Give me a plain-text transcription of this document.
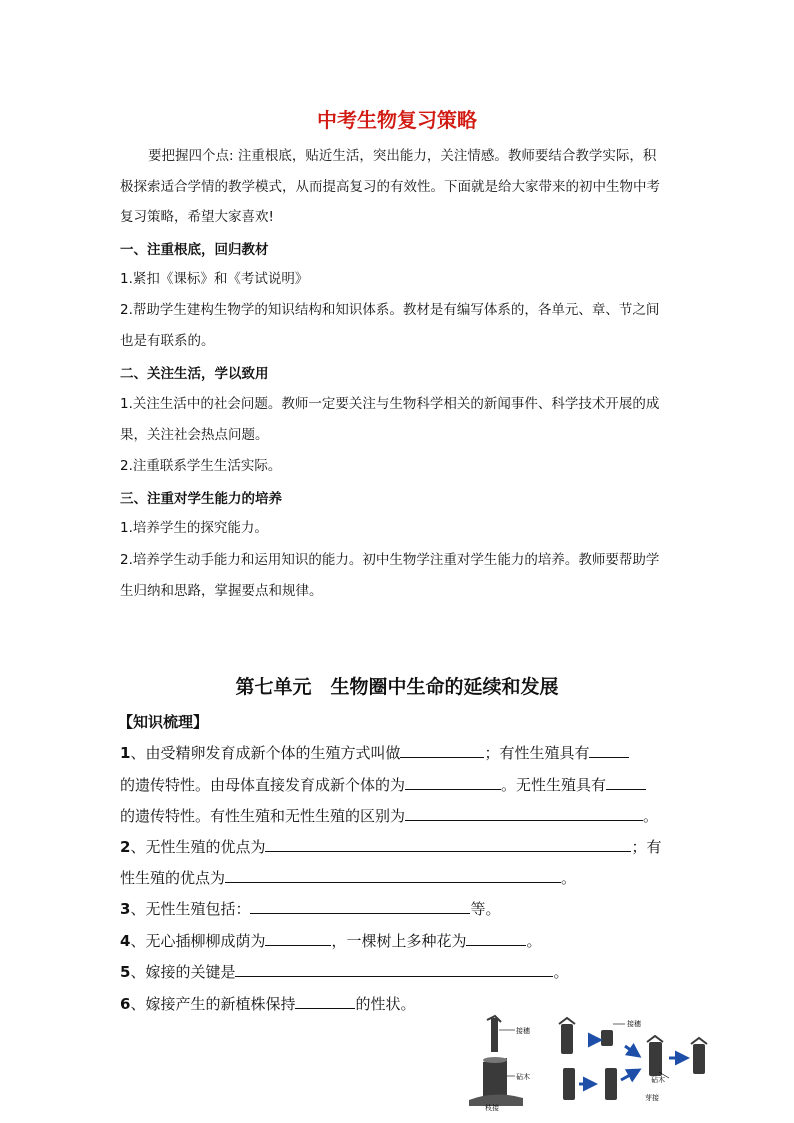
中考生物复习策略
要把握四个点: 注重根底，贴近生活，突出能力，关注情感。教师要结合教学实际，积
极探索适合学情的教学模式，从而提高复习的有效性。下面就是给大家带来的初中生物中考
复习策略，希望大家喜欢!
一、注重根底，回归教材
1.紧扣《课标》和《考试说明》
2.帮助学生建构生物学的知识结构和知识体系。教材是有编写体系的，各单元、章、节之间
也是有联系的。
二、关注生活，学以致用
1.关注生活中的社会问题。教师一定要关注与生物科学相关的新闻事件、科学技术开展的成
果，关注社会热点问题。
2.注重联系学生生活实际。
三、注重对学生能力的培养
1.培养学生的探究能力。
2.培养学生动手能力和运用知识的能力。初中生物学注重对学生能力的培养。教师要帮助学
生归纳和思路，掌握要点和规律。
第七单元　生物圈中生命的延续和发展
【知识梳理】
1、由受精卵发育成新个体的生殖方式叫做	；有性生殖具有
的遗传特性。由母体直接发育成新个体的为	。无性生殖具有
的遗传特性。有性生殖和无性生殖的区别为	。
2、无性生殖的优点为	；有
性生殖的优点为	。
3、无性生殖包括：	等。
4、无心插柳柳成荫为	，一棵树上多种花为	。
5、嫁接的关键是	。
6、嫁接产生的新植株保持	的性状。
接穗
砧木
枝接
接穗
砧木
芽接
